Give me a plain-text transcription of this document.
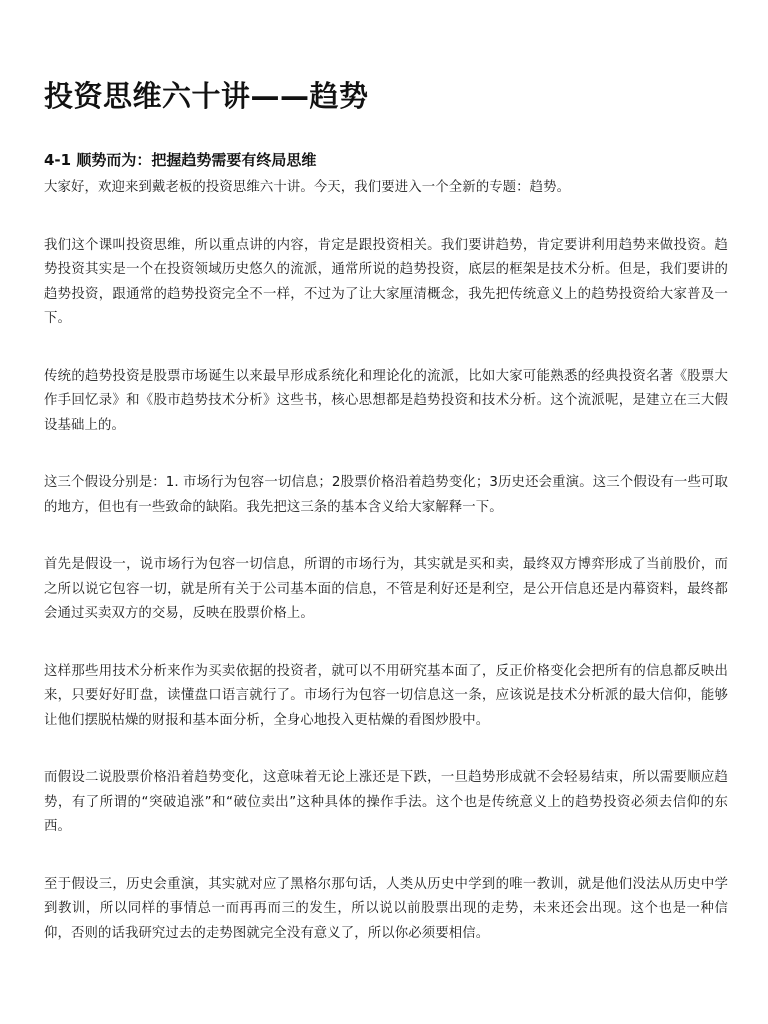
投资思维六十讲——趋势
4-1 顺势而为：把握趋势需要有终局思维

大家好，欢迎来到戴老板的投资思维六十讲。今天，我们要进入一个全新的专题：趋势。

我们这个课叫投资思维，所以重点讲的内容，肯定是跟投资相关。我们要讲趋势，肯定要讲利用趋势来做投资。趋势投资其实是一个在投资领域历史悠久的流派，通常所说的趋势投资，底层的框架是技术分析。但是，我们要讲的趋势投资，跟通常的趋势投资完全不一样，不过为了让大家厘清概念，我先把传统意义上的趋势投资给大家普及一下。

传统的趋势投资是股票市场诞生以来最早形成系统化和理论化的流派，比如大家可能熟悉的经典投资名著《股票大作手回忆录》和《股市趋势技术分析》这些书，核心思想都是趋势投资和技术分析。这个流派呢，是建立在三大假设基础上的。

这三个假设分别是：1. 市场行为包容一切信息；2股票价格沿着趋势变化；3历史还会重演。这三个假设有一些可取的地方，但也有一些致命的缺陷。我先把这三条的基本含义给大家解释一下。

首先是假设一，说市场行为包容一切信息，所谓的市场行为，其实就是买和卖，最终双方博弈形成了当前股价，而之所以说它包容一切，就是所有关于公司基本面的信息，不管是利好还是利空，是公开信息还是内幕资料，最终都会通过买卖双方的交易，反映在股票价格上。

这样那些用技术分析来作为买卖依据的投资者，就可以不用研究基本面了，反正价格变化会把所有的信息都反映出来，只要好好盯盘，读懂盘口语言就行了。市场行为包容一切信息这一条，应该说是技术分析派的最大信仰，能够让他们摆脱枯燥的财报和基本面分析，全身心地投入更枯燥的看图炒股中。

而假设二说股票价格沿着趋势变化，这意味着无论上涨还是下跌，一旦趋势形成就不会轻易结束，所以需要顺应趋势，有了所谓的“突破追涨”和“破位卖出”这种具体的操作手法。这个也是传统意义上的趋势投资必须去信仰的东西。

至于假设三，历史会重演，其实就对应了黑格尔那句话，人类从历史中学到的唯一教训，就是他们没法从历史中学到教训，所以同样的事情总一而再再而三的发生，所以说以前股票出现的走势，未来还会出现。这个也是一种信仰，否则的话我研究过去的走势图就完全没有意义了，所以你必须要相信。
